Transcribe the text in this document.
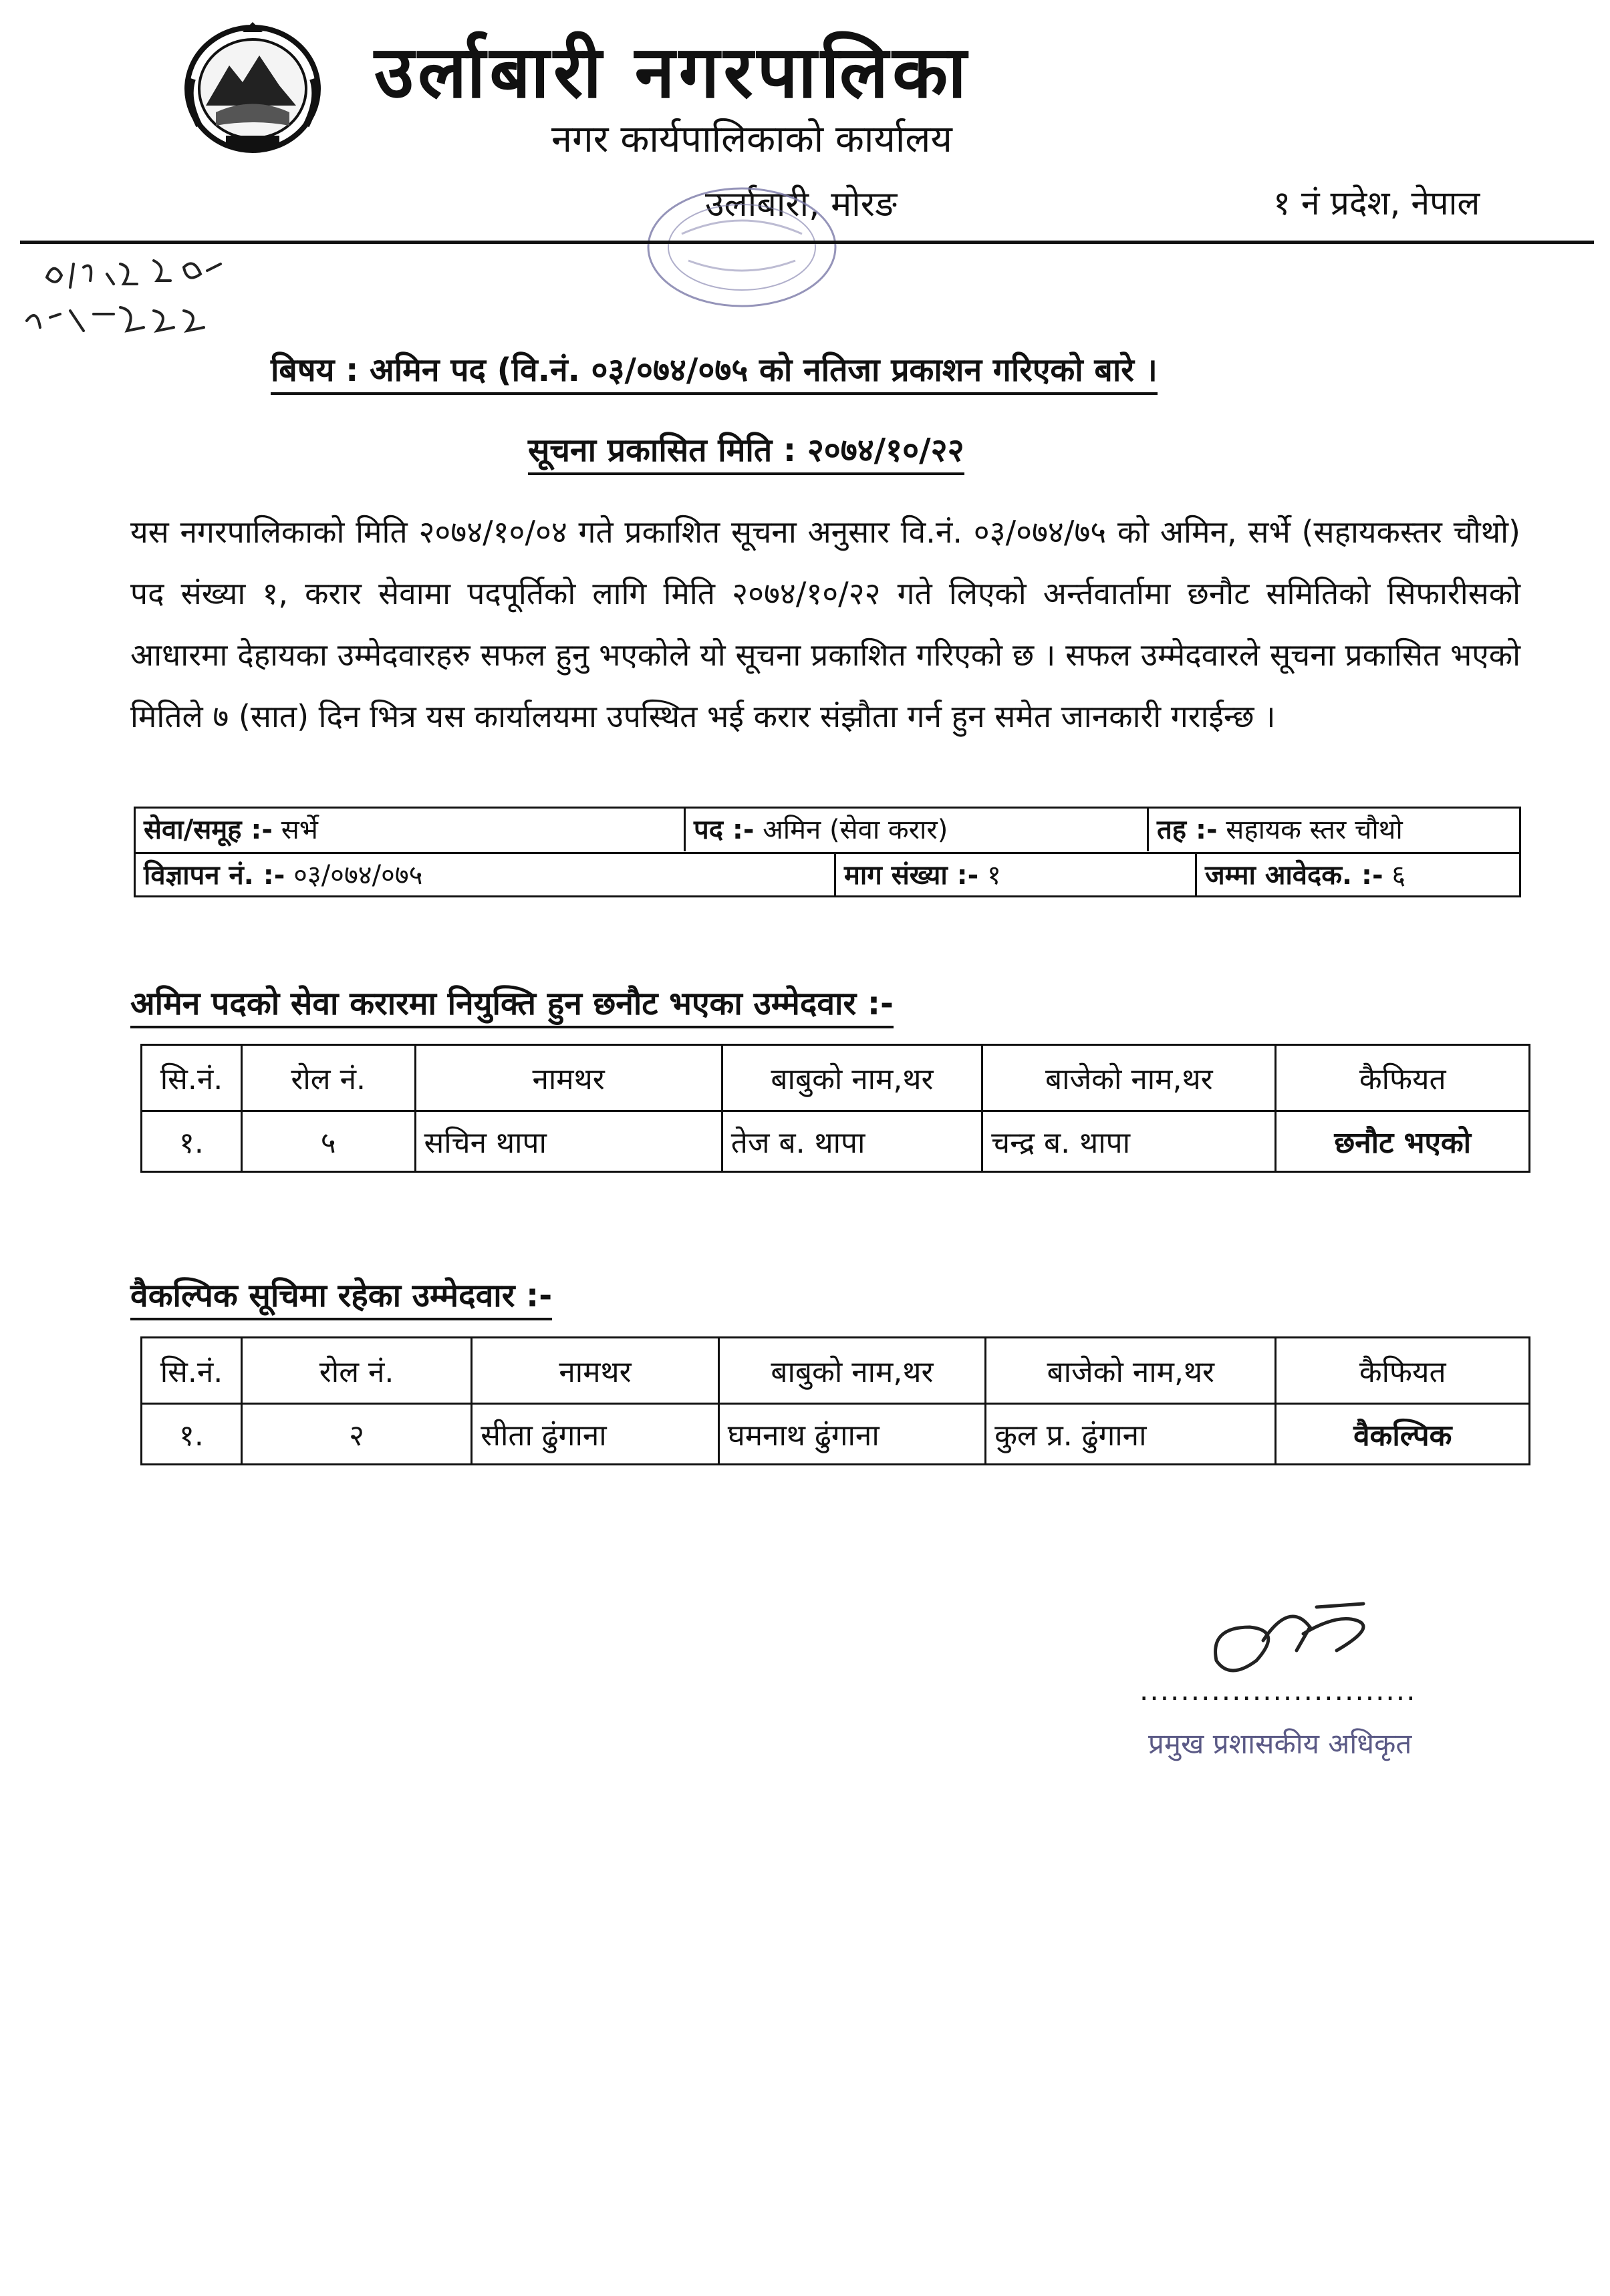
उर्लाबारी नगरपालिका
नगर कार्यपालिकाको कार्यालय
उर्लाबारी, मोरङ	१ नं प्रदेश, नेपाल
बिषय : अमिन पद (वि.नं. ०३/०७४/०७५ को नतिजा प्रकाशन गरिएको बारे ।
सूचना प्रकासित मिति : २०७४/१०/२२
यस नगरपालिकाको मिति २०७४/१०/०४ गते प्रकाशित सूचना अनुसार वि.नं. ०३/०७४/७५ को अमिन, सर्भे (सहायकस्तर चौथो) पद संख्या १, करार सेवामा पदपूर्तिको लागि मिति २०७४/१०/२२ गते लिएको अर्न्तवार्तामा छनौट समितिको सिफारीसको आधारमा देहायका उम्मेदवारहरु सफल हुनु भएकोले यो सूचना प्रकाशित गरिएको छ । सफल उम्मेदवारले सूचना प्रकासित भएको मितिले ७ (सात) दिन भित्र यस कार्यालयमा उपस्थित भई करार संझौता गर्न हुन समेत जानकारी गराईन्छ ।
सेवा/समूह :- सर्भे	पद :- अमिन (सेवा करार)	तह :- सहायक स्तर चौथो
विज्ञापन नं. :- ०३/०७४/०७५	माग संख्या :- १	जम्मा आवेदक. :- ६
अमिन पदको सेवा करारमा नियुक्ति हुन छनौट भएका उम्मेदवार :-
सि.नं.	रोल नं.	नामथर	बाबुको नाम,थर	बाजेको नाम,थर	कैफियत
१.	५	सचिन थापा	तेज ब. थापा	चन्द्र ब. थापा	छनौट भएको
वैकल्पिक सूचिमा रहेका उम्मेदवार :-
सि.नं.	रोल नं.	नामथर	बाबुको नाम,थर	बाजेको नाम,थर	कैफियत
१.	२	सीता ढुंगाना	घमनाथ ढुंगाना	कुल प्र. ढुंगाना	वैकल्पिक
...........................
प्रमुख प्रशासकीय अधिकृत
